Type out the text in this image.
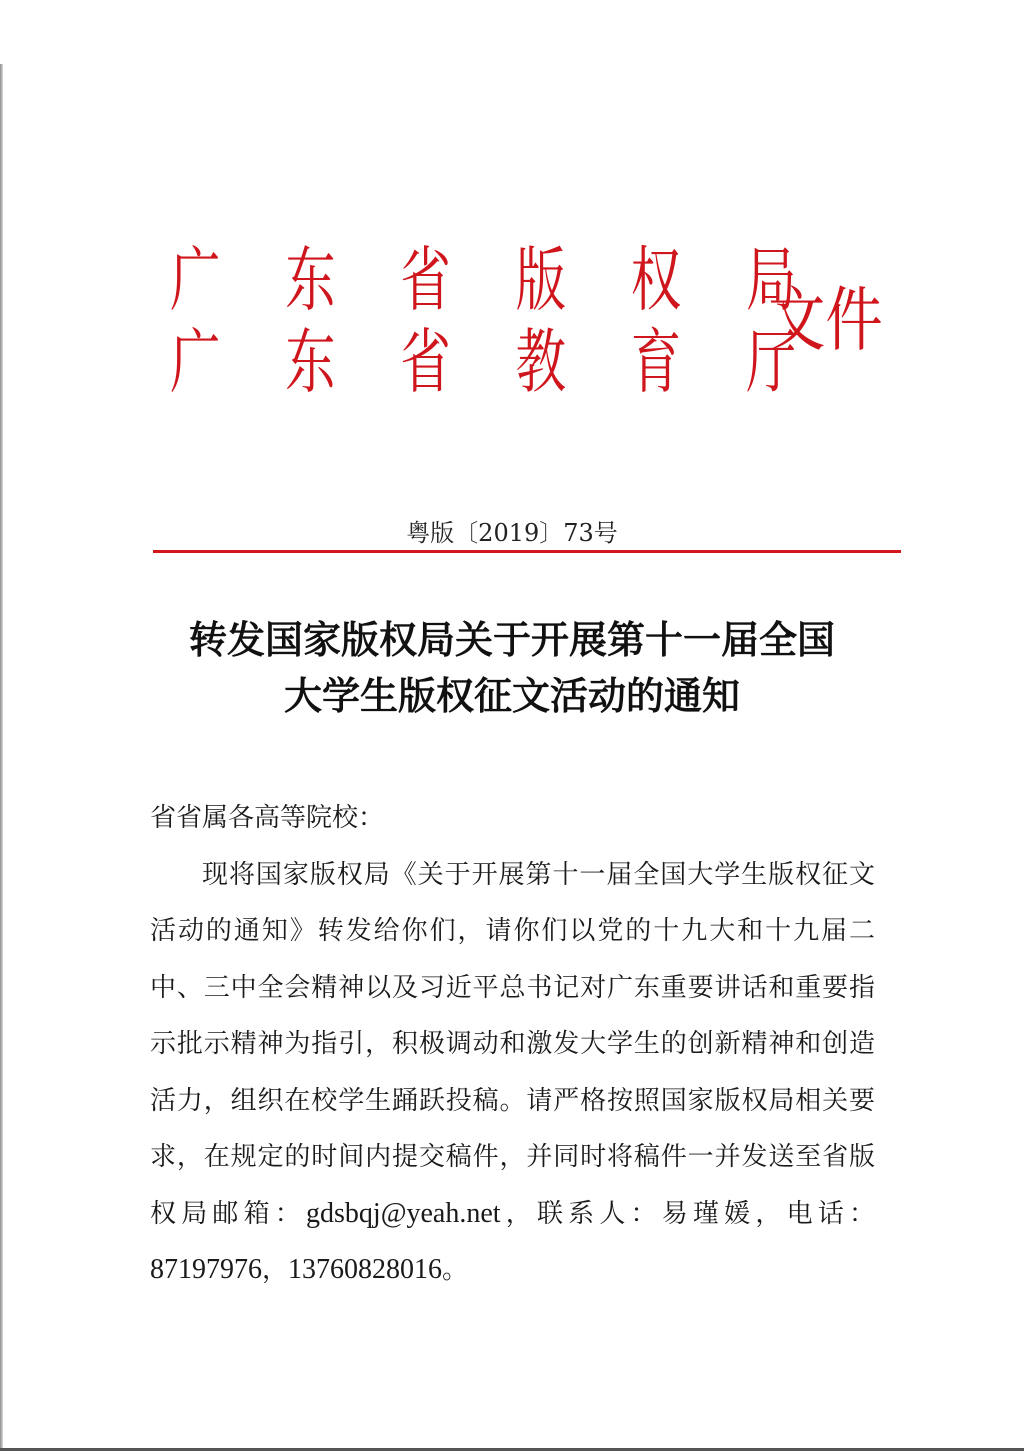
广 东 省 版 权 局
广 东 省 教 育 厅
文件
粤版〔2019〕73号
转发国家版权局关于开展第十一届全国
大学生版权征文活动的通知

省省属各高等院校：

现将国家版权局《关于开展第十一届全国大学生版权征文活动的通知》转发给你们，请你们以党的十九大和十九届二中、三中全会精神以及习近平总书记对广东重要讲话和重要指示批示精神为指引，积极调动和激发大学生的创新精神和创造活力，组织在校学生踊跃投稿。请严格按照国家版权局相关要求，在规定的时间内提交稿件，并同时将稿件一并发送至省版权局邮箱：gdsbqj@yeah.net，联系人：易瑾媛，电话：87197976，13760828016。
